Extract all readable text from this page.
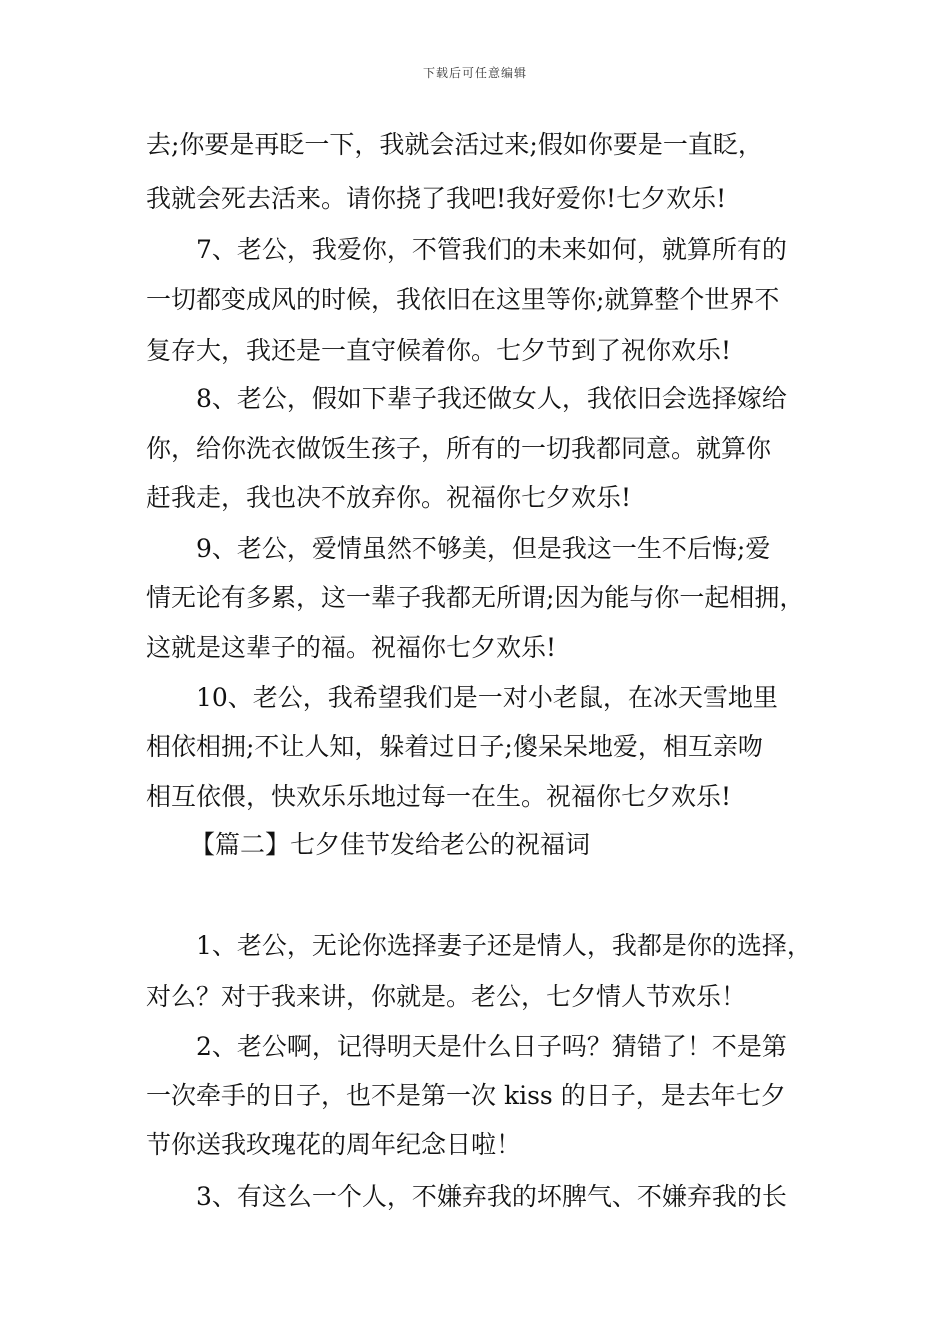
下载后可任意编辑
去;你要是再眨一下，我就会活过来;假如你要是一直眨，
我就会死去活来。请你挠了我吧!我好爱你!七夕欢乐!
7、老公，我爱你，不管我们的未来如何，就算所有的
一切都变成风的时候，我依旧在这里等你;就算整个世界不
复存大，我还是一直守候着你。七夕节到了祝你欢乐!
8、老公，假如下辈子我还做女人，我依旧会选择嫁给
你，给你洗衣做饭生孩子，所有的一切我都同意。就算你
赶我走，我也决不放弃你。祝福你七夕欢乐!
9、老公，爱情虽然不够美，但是我这一生不后悔;爱
情无论有多累，这一辈子我都无所谓;因为能与你一起相拥，
这就是这辈子的福。祝福你七夕欢乐!
10、老公，我希望我们是一对小老鼠，在冰天雪地里
相依相拥;不让人知，躲着过日子;傻呆呆地爱，相互亲吻
相互依偎，快欢乐乐地过每一在生。祝福你七夕欢乐!
【篇二】七夕佳节发给老公的祝福词
1、老公，无论你选择妻子还是情人，我都是你的选择，
对么？对于我来讲，你就是。老公，七夕情人节欢乐！
2、老公啊，记得明天是什么日子吗？猜错了！不是第
一次牵手的日子，也不是第一次 kiss 的日子，是去年七夕
节你送我玫瑰花的周年纪念日啦！
3、有这么一个人，不嫌弃我的坏脾气、不嫌弃我的长
